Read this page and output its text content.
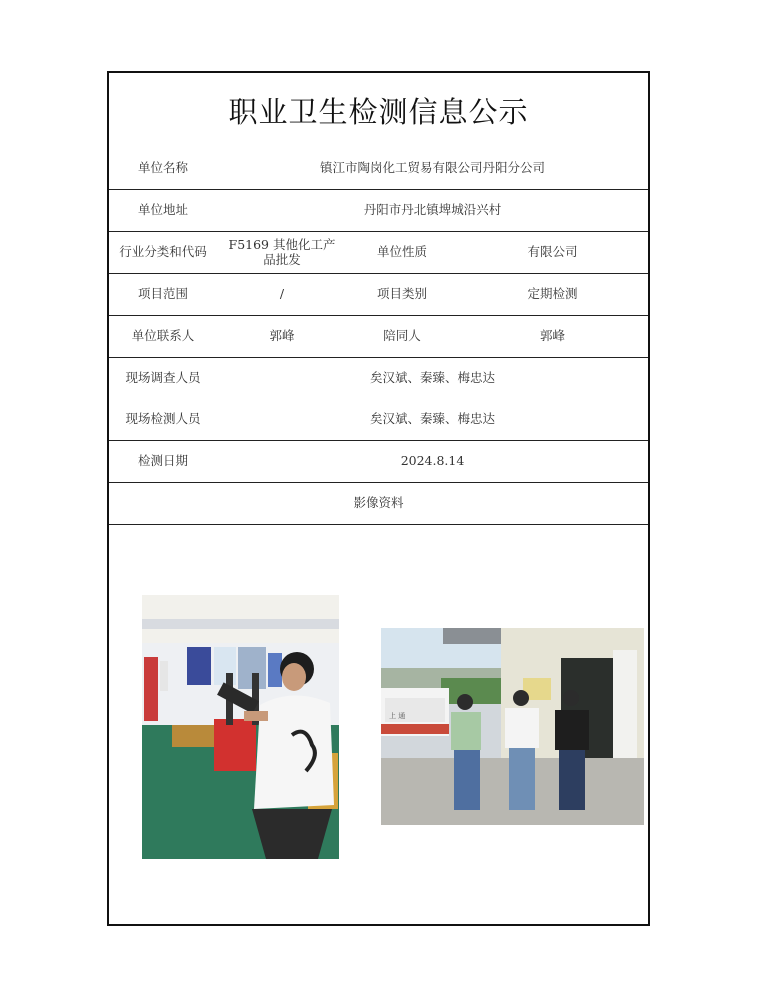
职业卫生检测信息公示
单位名称	镇江市陶岗化工贸易有限公司丹阳分公司
单位地址	丹阳市丹北镇埤城沿兴村
行业分类和代码	F5169 其他化工产品批发	单位性质	有限公司
项目范围	/	项目类别	定期检测
单位联系人	郭峰	陪同人	郭峰
现场调查人员	矣汉斌、秦臻、梅忠达
现场检测人员	矣汉斌、秦臻、梅忠达
检测日期	2024.8.14
影像资料
上 通
